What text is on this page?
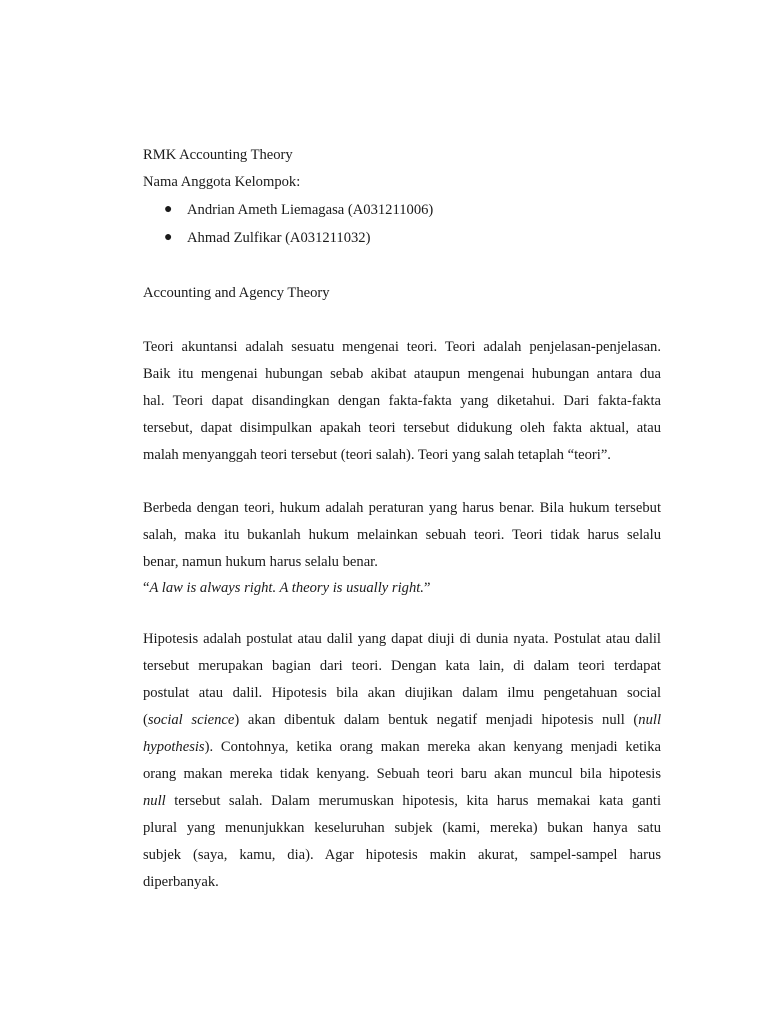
RMK Accounting Theory
Nama Anggota Kelompok:
● Andrian Ameth Liemagasa (A031211006)
● Ahmad Zulfikar (A031211032)
Accounting and Agency Theory
Teori akuntansi adalah sesuatu mengenai teori. Teori adalah penjelasan-penjelasan.
Baik itu mengenai hubungan sebab akibat ataupun mengenai hubungan antara dua
hal. Teori dapat disandingkan dengan fakta-fakta yang diketahui. Dari fakta-fakta
tersebut, dapat disimpulkan apakah teori tersebut didukung oleh fakta aktual, atau
malah menyanggah teori tersebut (teori salah). Teori yang salah tetaplah “teori”.
Berbeda dengan teori, hukum adalah peraturan yang harus benar. Bila hukum tersebut
salah, maka itu bukanlah hukum melainkan sebuah teori. Teori tidak harus selalu
benar, namun hukum harus selalu benar.
“A law is always right. A theory is usually right.”
Hipotesis adalah postulat atau dalil yang dapat diuji di dunia nyata. Postulat atau dalil
tersebut merupakan bagian dari teori. Dengan kata lain, di dalam teori terdapat
postulat atau dalil. Hipotesis bila akan diujikan dalam ilmu pengetahuan social
(social science) akan dibentuk dalam bentuk negatif menjadi hipotesis null (null
hypothesis). Contohnya, ketika orang makan mereka akan kenyang menjadi ketika
orang makan mereka tidak kenyang. Sebuah teori baru akan muncul bila hipotesis
null tersebut salah. Dalam merumuskan hipotesis, kita harus memakai kata ganti
plural yang menunjukkan keseluruhan subjek (kami, mereka) bukan hanya satu
subjek (saya, kamu, dia). Agar hipotesis makin akurat, sampel-sampel harus
diperbanyak.
